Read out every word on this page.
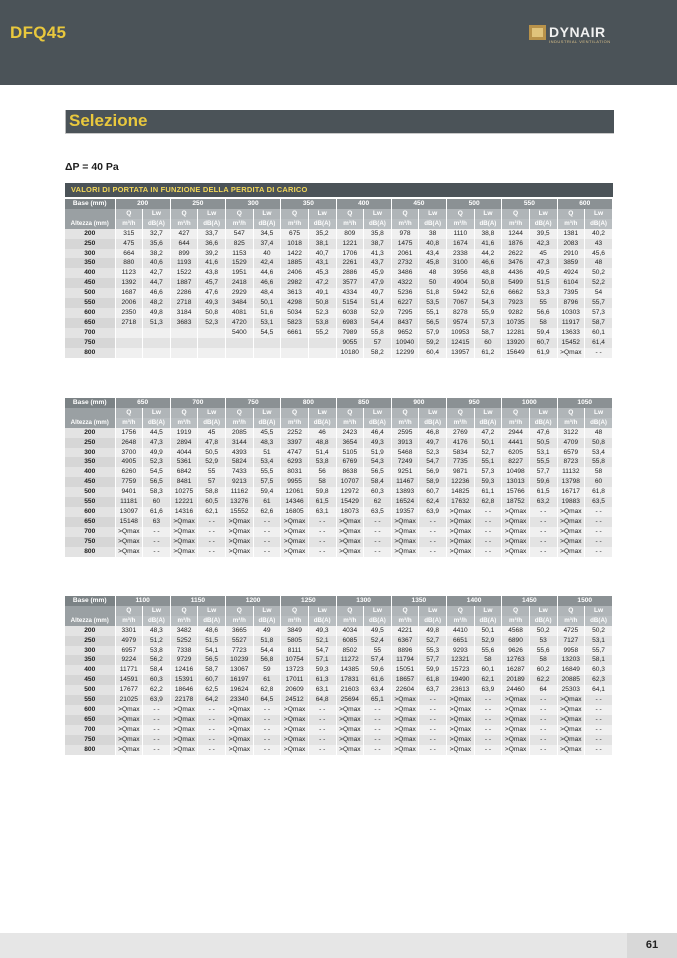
DFQ45	DYNAIR
INDUSTRIAL VENTILATION
Selezione
ΔP = 40 Pa
VALORI DI PORTATA IN FUNZIONE DELLA PERDITA DI CARICO
Base (mm)	200		250		300		350		400		450		500		550		600	
	Q	Lw	Q	Lw	Q	Lw	Q	Lw	Q	Lw	Q	Lw	Q	Lw	Q	Lw	Q	Lw
Altezza (mm)	m³/h	dB(A)	m³/h	dB(A)	m³/h	dB(A)	m³/h	dB(A)	m³/h	dB(A)	m³/h	dB(A)	m³/h	dB(A)	m³/h	dB(A)	m³/h	dB(A)
200	315	32,7	427	33,7	547	34,5	675	35,2	809	35,8	978	38	1110	38,8	1244	39,5	1381	40,2
250	475	35,6	644	36,6	825	37,4	1018	38,1	1221	38,7	1475	40,8	1674	41,6	1876	42,3	2083	43
300	664	38,2	899	39,2	1153	40	1422	40,7	1706	41,3	2061	43,4	2338	44,2	2622	45	2910	45,6
350	880	40,6	1193	41,6	1529	42,4	1885	43,1	2261	43,7	2732	45,8	3100	46,6	3476	47,3	3859	48
400	1123	42,7	1522	43,8	1951	44,6	2406	45,3	2886	45,9	3486	48	3956	48,8	4436	49,5	4924	50,2
450	1392	44,7	1887	45,7	2418	46,6	2982	47,2	3577	47,9	4322	50	4904	50,8	5499	51,5	6104	52,2
500	1687	46,6	2286	47,6	2929	48,4	3613	49,1	4334	49,7	5236	51,8	5942	52,6	6662	53,3	7395	54
550	2006	48,2	2718	49,3	3484	50,1	4298	50,8	5154	51,4	6227	53,5	7067	54,3	7923	55	8796	55,7
600	2350	49,8	3184	50,8	4081	51,6	5034	52,3	6038	52,9	7295	55,1	8278	55,9	9282	56,6	10303	57,3
650	2718	51,3	3683	52,3	4720	53,1	5823	53,8	6983	54,4	8437	56,5	9574	57,3	10735	58	11917	58,7
700					5400	54,5	6661	55,2	7989	55,8	9652	57,9	10953	58,7	12281	59,4	13633	60,1
750									9055	57	10940	59,2	12415	60	13920	60,7	15452	61,4
800									10180	58,2	12299	60,4	13957	61,2	15649	61,9	>Qmax	- -
Base (mm)	650		700		750		800		850		900		950		1000		1050	
	Q	Lw	Q	Lw	Q	Lw	Q	Lw	Q	Lw	Q	Lw	Q	Lw	Q	Lw	Q	Lw
Altezza (mm)	m³/h	dB(A)	m³/h	dB(A)	m³/h	dB(A)	m³/h	dB(A)	m³/h	dB(A)	m³/h	dB(A)	m³/h	dB(A)	m³/h	dB(A)	m³/h	dB(A)
200	1756	44,5	1919	45	2085	45,5	2252	46	2423	46,4	2595	46,8	2769	47,2	2944	47,6	3122	48
250	2648	47,3	2894	47,8	3144	48,3	3397	48,8	3654	49,3	3913	49,7	4176	50,1	4441	50,5	4709	50,8
300	3700	49,9	4044	50,5	4393	51	4747	51,4	5105	51,9	5468	52,3	5834	52,7	6205	53,1	6579	53,4
350	4905	52,3	5361	52,9	5824	53,4	6293	53,8	6769	54,3	7249	54,7	7735	55,1	8227	55,5	8723	55,8
400	6260	54,5	6842	55	7433	55,5	8031	56	8638	56,5	9251	56,9	9871	57,3	10498	57,7	11132	58
450	7759	56,5	8481	57	9213	57,5	9955	58	10707	58,4	11467	58,9	12236	59,3	13013	59,6	13798	60
500	9401	58,3	10275	58,8	11162	59,4	12061	59,8	12972	60,3	13893	60,7	14825	61,1	15766	61,5	16717	61,8
550	11181	60	12221	60,5	13276	61	14346	61,5	15429	62	16524	62,4	17632	62,8	18752	63,2	19883	63,5
600	13097	61,6	14316	62,1	15552	62,6	16805	63,1	18073	63,5	19357	63,9	>Qmax	- -	>Qmax	- -	>Qmax	- -
650	15148	63	>Qmax	- -	>Qmax	- -	>Qmax	- -	>Qmax	- -	>Qmax	- -	>Qmax	- -	>Qmax	- -	>Qmax	- -
700	>Qmax	- -	>Qmax	- -	>Qmax	- -	>Qmax	- -	>Qmax	- -	>Qmax	- -	>Qmax	- -	>Qmax	- -	>Qmax	- -
750	>Qmax	- -	>Qmax	- -	>Qmax	- -	>Qmax	- -	>Qmax	- -	>Qmax	- -	>Qmax	- -	>Qmax	- -	>Qmax	- -
800	>Qmax	- -	>Qmax	- -	>Qmax	- -	>Qmax	- -	>Qmax	- -	>Qmax	- -	>Qmax	- -	>Qmax	- -	>Qmax	- -
Base (mm)	1100		1150		1200		1250		1300		1350		1400		1450		1500	
	Q	Lw	Q	Lw	Q	Lw	Q	Lw	Q	Lw	Q	Lw	Q	Lw	Q	Lw	Q	Lw
Altezza (mm)	m³/h	dB(A)	m³/h	dB(A)	m³/h	dB(A)	m³/h	dB(A)	m³/h	dB(A)	m³/h	dB(A)	m³/h	dB(A)	m³/h	dB(A)	m³/h	dB(A)
200	3301	48,3	3482	48,6	3665	49	3849	49,3	4034	49,5	4221	49,8	4410	50,1	4568	50,2	4725	50,2
250	4979	51,2	5252	51,5	5527	51,8	5805	52,1	6085	52,4	6367	52,7	6651	52,9	6890	53	7127	53,1
300	6957	53,8	7338	54,1	7723	54,4	8111	54,7	8502	55	8896	55,3	9293	55,6	9626	55,6	9958	55,7
350	9224	56,2	9729	56,5	10239	56,8	10754	57,1	11272	57,4	11794	57,7	12321	58	12763	58	13203	58,1
400	11771	58,4	12416	58,7	13067	59	13723	59,3	14385	59,6	15051	59,9	15723	60,1	16287	60,2	16849	60,3
450	14591	60,3	15391	60,7	16197	61	17011	61,3	17831	61,6	18657	61,8	19490	62,1	20189	62,2	20885	62,3
500	17677	62,2	18646	62,5	19624	62,8	20609	63,1	21603	63,4	22604	63,7	23613	63,9	24460	64	25303	64,1
550	21025	63,9	22178	64,2	23340	64,5	24512	64,8	25694	65,1	>Qmax	- -	>Qmax	- -	>Qmax	- -	>Qmax	- -
600	>Qmax	- -	>Qmax	- -	>Qmax	- -	>Qmax	- -	>Qmax	- -	>Qmax	- -	>Qmax	- -	>Qmax	- -	>Qmax	- -
650	>Qmax	- -	>Qmax	- -	>Qmax	- -	>Qmax	- -	>Qmax	- -	>Qmax	- -	>Qmax	- -	>Qmax	- -	>Qmax	- -
700	>Qmax	- -	>Qmax	- -	>Qmax	- -	>Qmax	- -	>Qmax	- -	>Qmax	- -	>Qmax	- -	>Qmax	- -	>Qmax	- -
750	>Qmax	- -	>Qmax	- -	>Qmax	- -	>Qmax	- -	>Qmax	- -	>Qmax	- -	>Qmax	- -	>Qmax	- -	>Qmax	- -
800	>Qmax	- -	>Qmax	- -	>Qmax	- -	>Qmax	- -	>Qmax	- -	>Qmax	- -	>Qmax	- -	>Qmax	- -	>Qmax	- -
61
